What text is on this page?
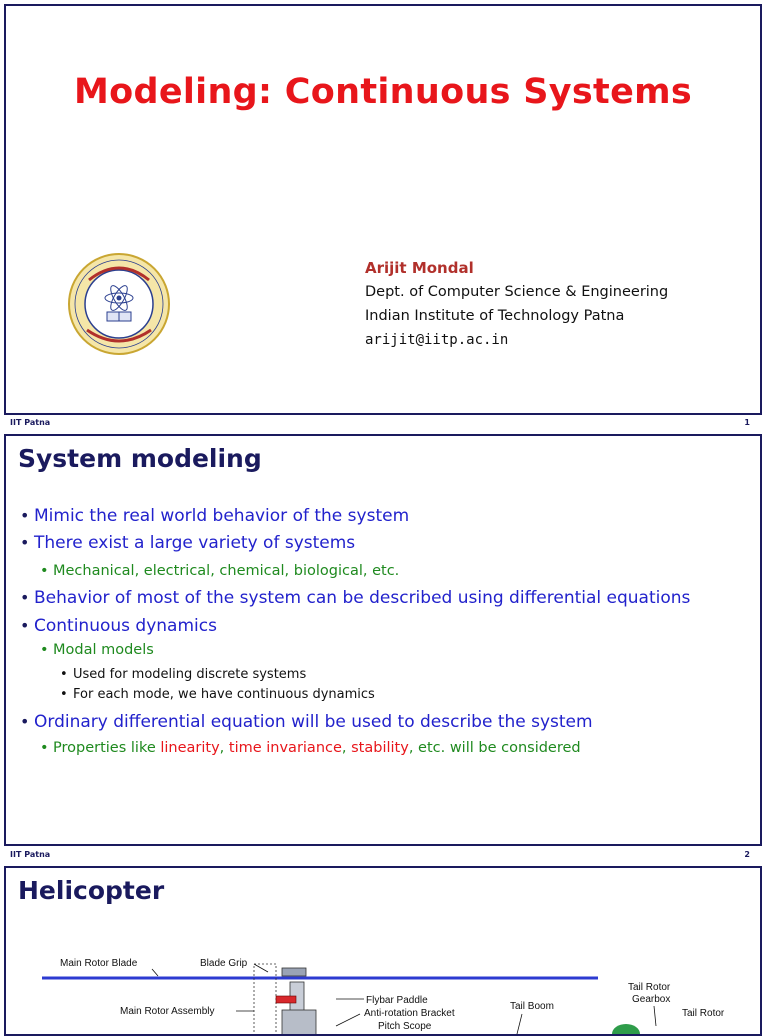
Modeling: Continuous Systems
Arijit Mondal
Dept. of Computer Science & Engineering
Indian Institute of Technology Patna
arijit@iitp.ac.in
IIT Patna	1
System modeling
• Mimic the real world behavior of the system
• There exist a large variety of systems
• Mechanical, electrical, chemical, biological, etc.
• Behavior of most of the system can be described using differential equations
• Continuous dynamics
• Modal models
• Used for modeling discrete systems
• For each mode, we have continuous dynamics
• Ordinary differential equation will be used to describe the system
• Properties like linearity, time invariance, stability, etc. will be considered
IIT Patna	2
Helicopter
Main Rotor Blade	Blade Grip
Main Rotor Assembly
Flybar Paddle
Anti-rotation Bracket
Pitch Scope
Tail Boom
Tail Rotor
Gearbox
Tail Rotor
